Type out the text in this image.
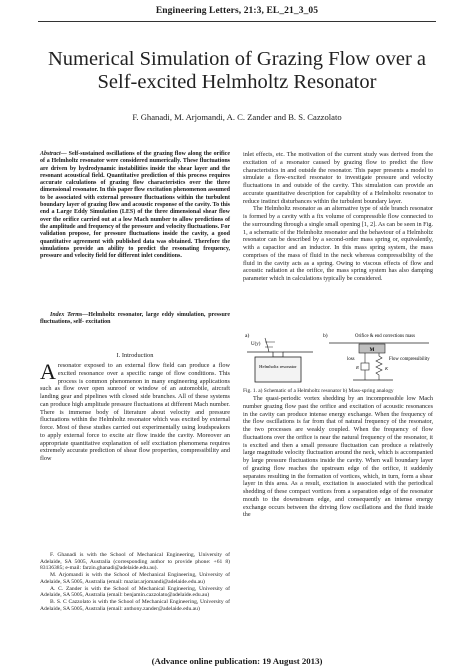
Engineering Letters, 21:3, EL_21_3_05
Numerical Simulation of Grazing Flow over a Self-excited Helmholtz Resonator
F. Ghanadi, M. Arjomandi, A. C. Zander and B. S. Cazzolato

Abstract— Self-sustained oscillations of the grazing flow along the orifice of a Helmholtz resonator were considered numerically. These fluctuations are driven by hydrodynamic instabilities inside the shear layer and the resonant acoustical field. Quantitative prediction of this process requires accurate calculations of grazing flow characteristics over the three dimensional resonator. In this paper flow excitation phenomenon assumed to be associated with external pressure fluctuations within the turbulent boundary layer of grazing flow and acoustic response of the cavity. To this end a Large Eddy Simulation (LES) of the three dimensional shear flow over the orifice carried out at a low Mach number to allow predictions of the amplitude and frequency of the pressure and velocity fluctuations. For validation propose, for pressure fluctuations inside the cavity, a good quantitative agreement with published data was obtained. Therefore the simulations provide an ability to predict the resonating frequency, pressure and velocity field for different inlet conditions.

Index Terms—Helmholtz resonator, large eddy simulation, pressure fluctuations, self- excitation

I. Introduction

Aresonator exposed to an external flow field can produce a flow excited resonance over a specific range of flow conditions. This process is common phenomenon in many engineering applications such as flow over open sunroof or window of an automobile, aircraft landing gear and pipelines with closed side branches. All of these systems can produce high amplitude pressure fluctuations at different Mach number. There is immense body of literature about velocity and pressure fluctuations within the Helmholtz resonator which was excited by external force. Most of these studies carried out experimentally using loudspeakers to apply external force to excite air flow inside the cavity. Moreover an appropriate quantitative explanation of self excitation phenomena requires extremely accurate prediction of shear flow properties, compressibility and flow

F. Ghanadi is with the School of Mechanical Engineering, University of Adelaide, SA 5005, Australia (corresponding author to provide phone: +61 8) 83136385; e-mail: farzin.ghanadi@adelaide.edu.au).

M. Arjomandi is with the School of Mechanical Engineering, University of Adelaide, SA 5005, Australia (email: maziar.arjomandi@adelaide.edu.au)

A. C. Zander is with the School of Mechanical Engineering, University of Adelaide, SA 5005, Australia (email: benjamin.cazzolato@adelaide.edu.au)

B. S. C Cazzolato is with the School of Mechanical Engineering, University of Adelaide, SA 5005, Australia (email: anthony.zander@adelaide.edu.au)

inlet effects, etc. The motivation of the current study was derived from the excitation of a resonator caused by grazing flow to predict the flow characteristics in and outside the resonator. This paper presents a model to simulate a flow-excited resonator to investigate pressure and velocity fluctuations in and outside of the cavity. This simulation can provide an accurate quantitative description for capability of a Helmholtz resonator to reduce instinct disturbances within the turbulent boundary layer.

The Helmholtz resonator as an alternative type of side branch resonator is formed by a cavity with a fix volume of compressible flow connected to the surrounding through a single small opening [1, 2]. As can be seen in Fig. 1, a schematic of the Helmholtz resonator and the behaviour of a Helmholtz resonator can be described by a second-order mass spring or, equivalently, with a capacitor and an inductor. In this mass spring system, the mass comprises of the mass of fluid in the neck whereas compressibility of the fluid in the cavity acts as a spring. Owing to viscous effects of flow and acoustic radiation at the orifice, the mass spring system has also damping parameter which in calculations typically be considered.

a)
U(y)
Helmholtz resonator
b)	Orifice & end corrections mass
M
loss	Flow compressibility
R	K
Fig. 1. a) Schematic of a Helmholtz resonator b) Mass-spring analogy

The quasi-periodic vortex shedding by an incompressible low Mach number grazing flow past the orifice and excitation of acoustic resonances in the cavity can produce intense energy exchange. When the frequency of the flow oscillations is far from that of natural frequency of the resonator, the two processes are weakly coupled. When the frequency of flow fluctuations over the orifice is near the natural frequency of the resonator, it is excited and then a small pressure fluctuation can produce a relatively large magnitude velocity fluctuation around the neck, which is accompanied by large pressure fluctuations inside the cavity. When wall boundary layer of grazing flow reaches the upstream edge of the orifice, it suddenly separates resulting in the formation of vortices, which, in turn, form a shear layer in this area. As a result, excitation is associated with the periodical shedding of these compact vortices from a separation edge of the resonator mouth to the downstream edge, and consequently an intense energy exchange occurs between the driving flow oscillations and the fluid inside the

(Advance online publication: 19 August 2013)
